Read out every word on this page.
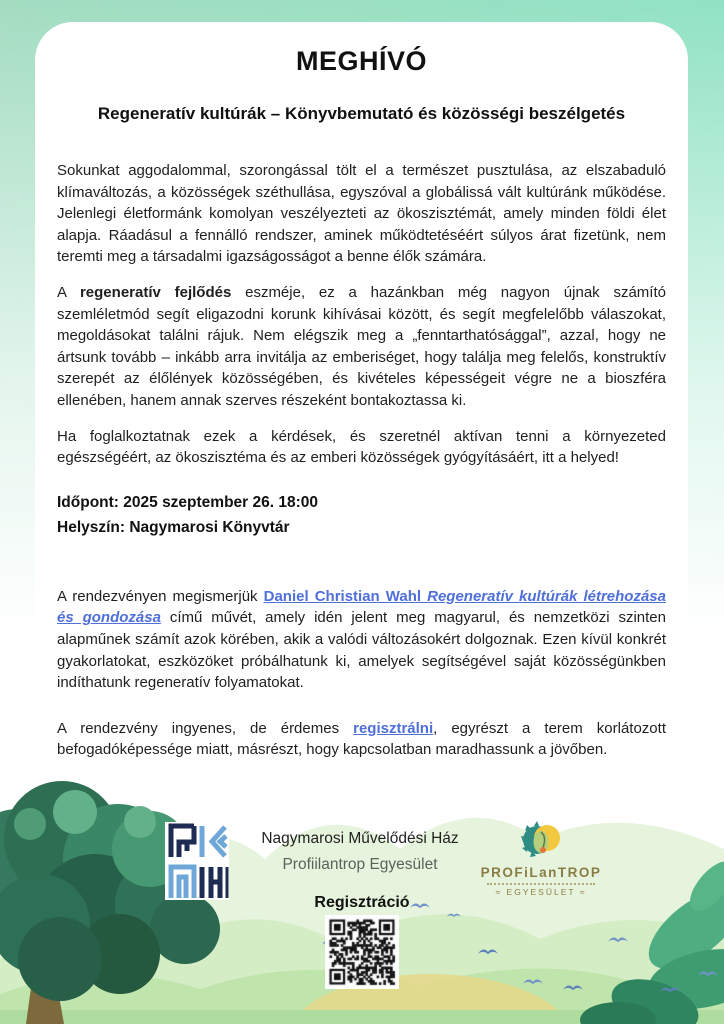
MEGHÍVÓ
Regeneratív kultúrák – Könyvbemutató és közösségi beszélgetés

Sokunkat aggodalommal, szorongással tölt el a természet pusztulása, az elszabaduló klímaváltozás, a közösségek széthullása, egyszóval a globálissá vált kultúránk működése. Jelenlegi életformánk komolyan veszélyezteti az ökoszisztémát, amely minden földi élet alapja. Ráadásul a fennálló rendszer, aminek működtetéséért súlyos árat fizetünk, nem teremti meg a társadalmi igazságosságot a benne élők számára.

A regeneratív fejlődés eszméje, ez a hazánkban még nagyon újnak számító szemléletmód segít eligazodni korunk kihívásai között, és segít megfelelőbb válaszokat, megoldásokat találni rájuk. Nem elégszik meg a „fenntarthatósággal”, azzal, hogy ne ártsunk tovább – inkább arra invitálja az emberiséget, hogy találja meg felelős, konstruktív szerepét az élőlények közösségében, és kivételes képességeit végre ne a bioszféra ellenében, hanem annak szerves részeként bontakoztassa ki.

Ha foglalkoztatnak ezek a kérdések, és szeretnél aktívan tenni a környezeted egészségéért, az ökoszisztéma és az emberi közösségek gyógyításáért, itt a helyed!

Időpont: 2025 szeptember 26. 18:00

Helyszín: Nagymarosi Könyvtár

A rendezvényen megismerjük Daniel Christian Wahl Regeneratív kultúrák létrehozása és gondozása című művét, amely idén jelent meg magyarul, és nemzetközi szinten alapműnek számít azok körében, akik a valódi változásokért dolgoznak. Ezen kívül konkrét gyakorlatokat, eszközöket próbálhatunk ki, amelyek segítségével saját közösségünkben indíthatunk regeneratív folyamatokat.

A rendezvény ingyenes, de érdemes regisztrálni, egyrészt a terem korlátozott befogadóképessége miatt, másrészt, hogy kapcsolatban maradhassunk a jövőben.

Nagymarosi Művelődési Ház
Profiilantrop Egyesület	PROFiLanTROP
≈ EGYESÜLET ≈
Regisztráció
